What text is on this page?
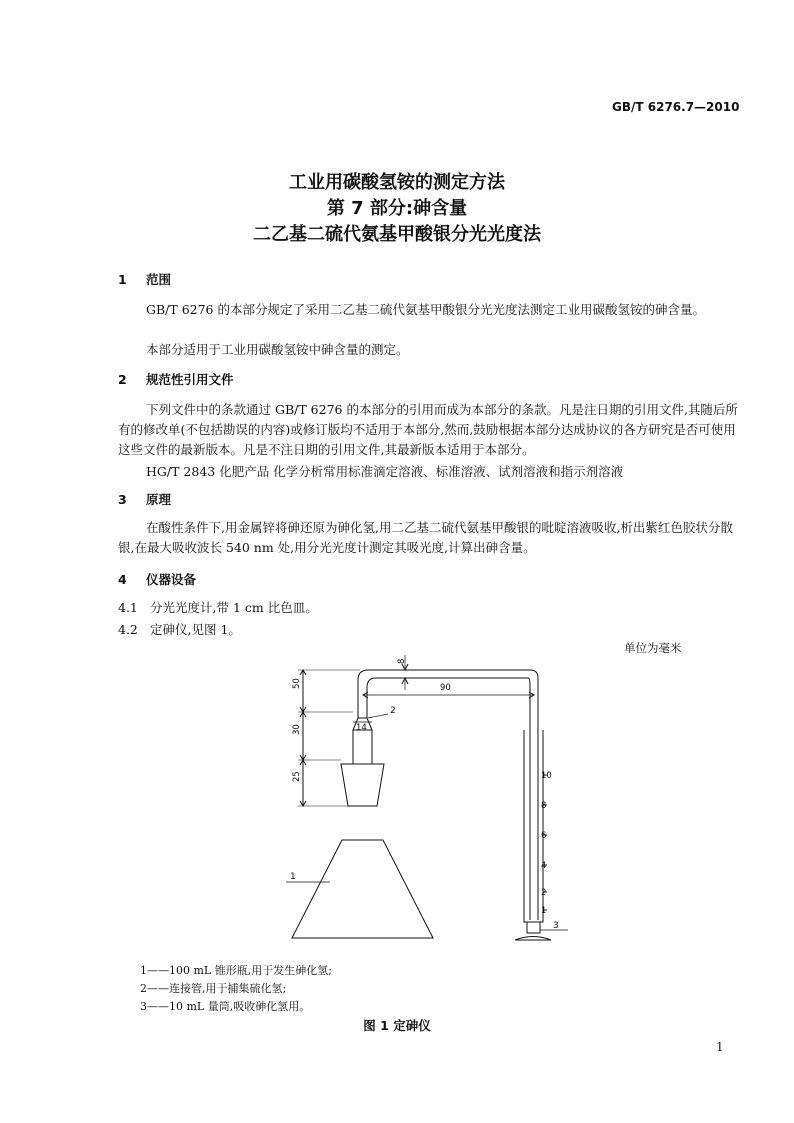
GB/T 6276.7—2010
工业用碳酸氢铵的测定方法
第 7 部分:砷含量
二乙基二硫代氨基甲酸银分光光度法
1 范围
GB/T 6276 的本部分规定了采用二乙基二硫代氨基甲酸银分光光度法测定工业用碳酸氢铵的砷含量。
本部分适用于工业用碳酸氢铵中砷含量的测定。
2 规范性引用文件
下列文件中的条款通过 GB/T 6276 的本部分的引用而成为本部分的条款。凡是注日期的引用文件,其随后所有的修改单(不包括勘误的内容)或修订版均不适用于本部分,然而,鼓励根据本部分达成协议的各方研究是否可使用这些文件的最新版本。凡是不注日期的引用文件,其最新版本适用于本部分。
HG/T 2843 化肥产品 化学分析常用标准滴定溶液、标准溶液、试剂溶液和指示剂溶液
3 原理
在酸性条件下,用金属锌将砷还原为砷化氢,用二乙基二硫代氨基甲酸银的吡啶溶液吸收,析出紫红色胶状分散银,在最大吸收波长 540 nm 处,用分光光度计测定其吸光度,计算出砷含量。
4 仪器设备
4.1 分光光度计,带 1 cm 比色皿。
4.2 定砷仪,见图 1。
单位为毫米
8
90
50
30
25
14
2
1
3
10
8
6
4
2
1
1——100 mL 锥形瓶,用于发生砷化氢;
2——连接管,用于捕集硫化氢;
3——10 mL 量筒,吸收砷化氢用。
图 1 定砷仪
1
